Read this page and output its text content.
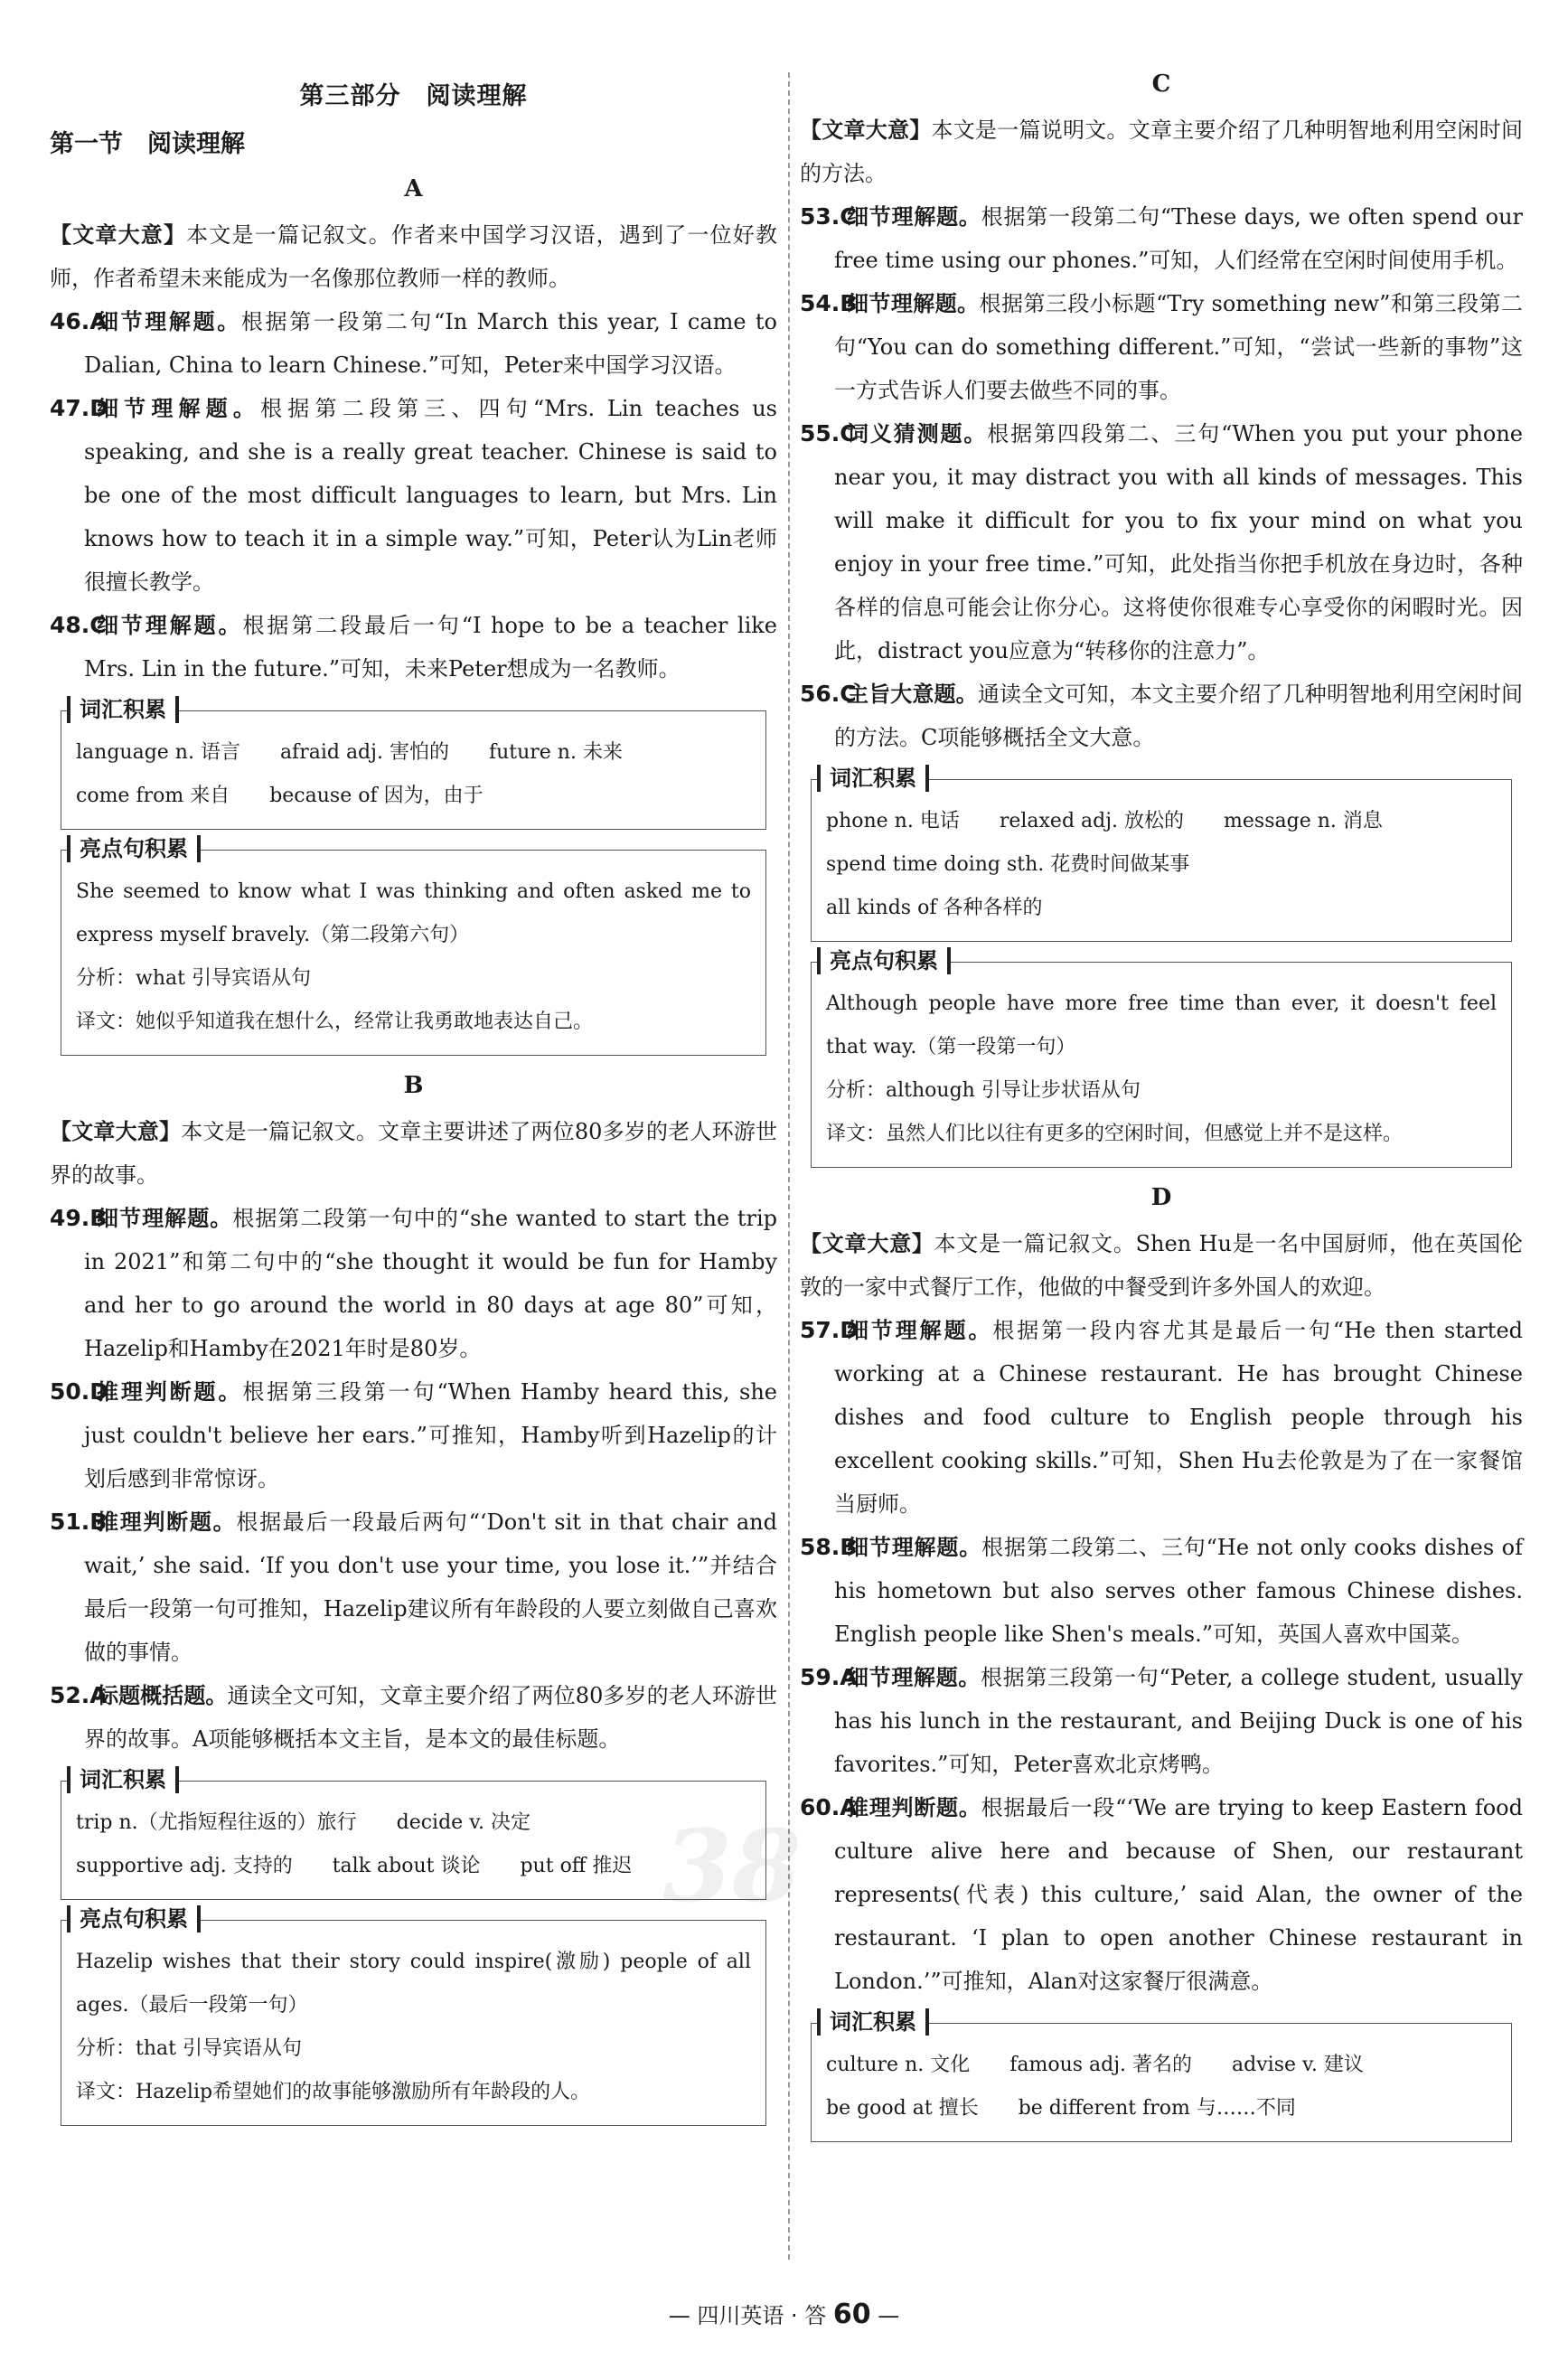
38
第三部分　阅读理解
第一节　阅读理解
A

【文章大意】本文是一篇记叙文。作者来中国学习汉语，遇到了一位好教师，作者希望未来能成为一名像那位教师一样的教师。

46.A
细节理解题。根据第一段第二句“In March this year, I came to Dalian, China to learn Chinese.”可知，Peter来中国学习汉语。

47.D
细节理解题。根据第二段第三、四句“Mrs. Lin teaches us speaking, and she is a really great teacher. Chinese is said to be one of the most difficult languages to learn, but Mrs. Lin knows how to teach it in a simple way.”可知，Peter认为Lin老师很擅长教学。

48.C
细节理解题。根据第二段最后一句“I hope to be a teacher like Mrs. Lin in the future.”可知，未来Peter想成为一名教师。

词汇积累

language n. 语言　　afraid adj. 害怕的　　future n. 未来

come from 来自　　because of 因为，由于

亮点句积累

She seemed to know what I was thinking and often asked me to express myself bravely.（第二段第六句）

分析：what 引导宾语从句

译文：她似乎知道我在想什么，经常让我勇敢地表达自己。

B

【文章大意】本文是一篇记叙文。文章主要讲述了两位80多岁的老人环游世界的故事。

49.B
细节理解题。根据第二段第一句中的“she wanted to start the trip in 2021”和第二句中的“she thought it would be fun for Hamby and her to go around the world in 80 days at age 80”可知，Hazelip和Hamby在2021年时是80岁。

50.D
推理判断题。根据第三段第一句“When Hamby heard this, she just couldn't believe her ears.”可推知，Hamby听到Hazelip的计划后感到非常惊讶。

51.B
推理判断题。根据最后一段最后两句“‘Don't sit in that chair and wait,’ she said. ‘If you don't use your time, you lose it.’”并结合最后一段第一句可推知，Hazelip建议所有年龄段的人要立刻做自己喜欢做的事情。

52.A
标题概括题。通读全文可知，文章主要介绍了两位80多岁的老人环游世界的故事。A项能够概括本文主旨，是本文的最佳标题。

词汇积累

trip n.（尤指短程往返的）旅行　　decide v. 决定

supportive adj. 支持的　　talk about 谈论　　put off 推迟

亮点句积累

Hazelip wishes that their story could inspire(激励) people of all ages.（最后一段第一句）

分析：that 引导宾语从句

译文：Hazelip希望她们的故事能够激励所有年龄段的人。

C

【文章大意】本文是一篇说明文。文章主要介绍了几种明智地利用空闲时间的方法。

53.C
细节理解题。根据第一段第二句“These days, we often spend our free time using our phones.”可知，人们经常在空闲时间使用手机。

54.B
细节理解题。根据第三段小标题“Try something new”和第三段第二句“You can do something different.”可知，“尝试一些新的事物”这一方式告诉人们要去做些不同的事。

55.C
词义猜测题。根据第四段第二、三句“When you put your phone near you, it may distract you with all kinds of messages. This will make it difficult for you to fix your mind on what you enjoy in your free time.”可知，此处指当你把手机放在身边时，各种各样的信息可能会让你分心。这将使你很难专心享受你的闲暇时光。因此，distract you应意为“转移你的注意力”。

56.C
主旨大意题。通读全文可知，本文主要介绍了几种明智地利用空闲时间的方法。C项能够概括全文大意。

词汇积累

phone n. 电话　　relaxed adj. 放松的　　message n. 消息

spend time doing sth. 花费时间做某事

all kinds of 各种各样的

亮点句积累

Although people have more free time than ever, it doesn't feel that way.（第一段第一句）

分析：although 引导让步状语从句

译文：虽然人们比以往有更多的空闲时间，但感觉上并不是这样。

D

【文章大意】本文是一篇记叙文。Shen Hu是一名中国厨师，他在英国伦敦的一家中式餐厅工作，他做的中餐受到许多外国人的欢迎。

57.D
细节理解题。根据第一段内容尤其是最后一句“He then started working at a Chinese restaurant. He has brought Chinese dishes and food culture to English people through his excellent cooking skills.”可知，Shen Hu去伦敦是为了在一家餐馆当厨师。

58.B
细节理解题。根据第二段第二、三句“He not only cooks dishes of his hometown but also serves other famous Chinese dishes. English people like Shen's meals.”可知，英国人喜欢中国菜。

59.A
细节理解题。根据第三段第一句“Peter, a college student, usually has his lunch in the restaurant, and Beijing Duck is one of his favorites.”可知，Peter喜欢北京烤鸭。

60.A
推理判断题。根据最后一段“‘We are trying to keep Eastern food culture alive here and because of Shen, our restaurant represents(代表) this culture,’ said Alan, the owner of the restaurant. ‘I plan to open another Chinese restaurant in London.’”可推知，Alan对这家餐厅很满意。

词汇积累

culture n. 文化　　famous adj. 著名的　　advise v. 建议

be good at 擅长　　be different from 与……不同

— 四川英语 · 答 60 —
